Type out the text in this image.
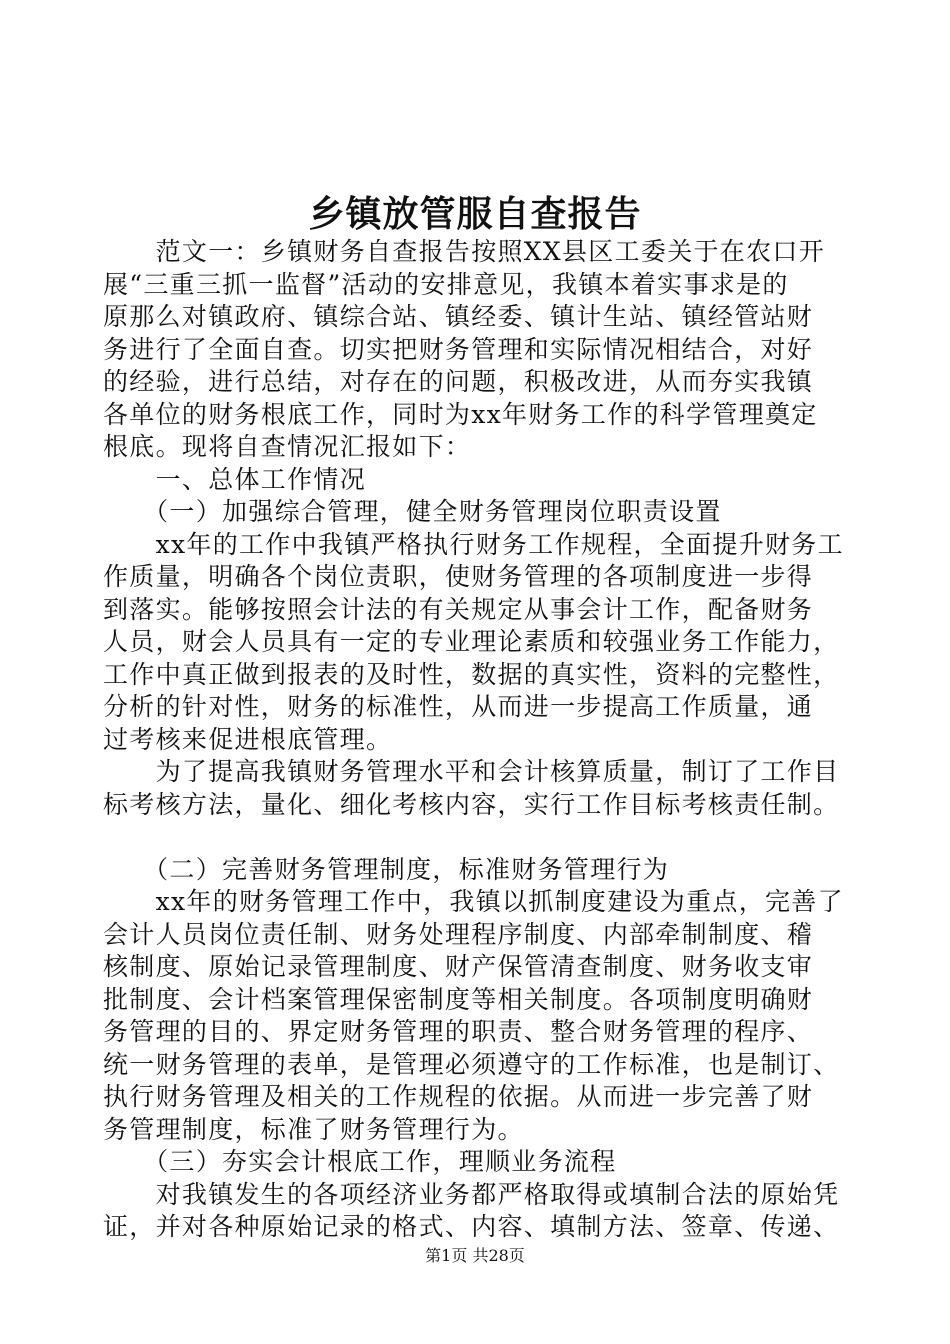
乡镇放管服自查报告
　　范文一：乡镇财务自查报告按照XX县区工委关于在农口开
展“三重三抓一监督”活动的安排意见，我镇本着实事求是的
原那么对镇政府、镇综合站、镇经委、镇计生站、镇经管站财
务进行了全面自查。切实把财务管理和实际情况相结合，对好
的经验，进行总结，对存在的问题，积极改进，从而夯实我镇
各单位的财务根底工作，同时为xx年财务工作的科学管理奠定
根底。现将自查情况汇报如下：
　　一、总体工作情况
　　（一）加强综合管理，健全财务管理岗位职责设置
　　xx年的工作中我镇严格执行财务工作规程，全面提升财务工
作质量，明确各个岗位责职，使财务管理的各项制度进一步得
到落实。能够按照会计法的有关规定从事会计工作，配备财务
人员，财会人员具有一定的专业理论素质和较强业务工作能力，
工作中真正做到报表的及时性，数据的真实性，资料的完整性，
分析的针对性，财务的标准性，从而进一步提高工作质量，通
过考核来促进根底管理。
　　为了提高我镇财务管理水平和会计核算质量，制订了工作目
标考核方法，量化、细化考核内容，实行工作目标考核责任制。
　　（二）完善财务管理制度，标准财务管理行为
　　xx年的财务管理工作中，我镇以抓制度建设为重点，完善了
会计人员岗位责任制、财务处理程序制度、内部牵制制度、稽
核制度、原始记录管理制度、财产保管清查制度、财务收支审
批制度、会计档案管理保密制度等相关制度。各项制度明确财
务管理的目的、界定财务管理的职责、整合财务管理的程序、
统一财务管理的表单，是管理必须遵守的工作标准，也是制订、
执行财务管理及相关的工作规程的依据。从而进一步完善了财
务管理制度，标准了财务管理行为。
　　（三）夯实会计根底工作，理顺业务流程
　　对我镇发生的各项经济业务都严格取得或填制合法的原始凭
证，并对各种原始记录的格式、内容、填制方法、签章、传递、
第1页 共28页
